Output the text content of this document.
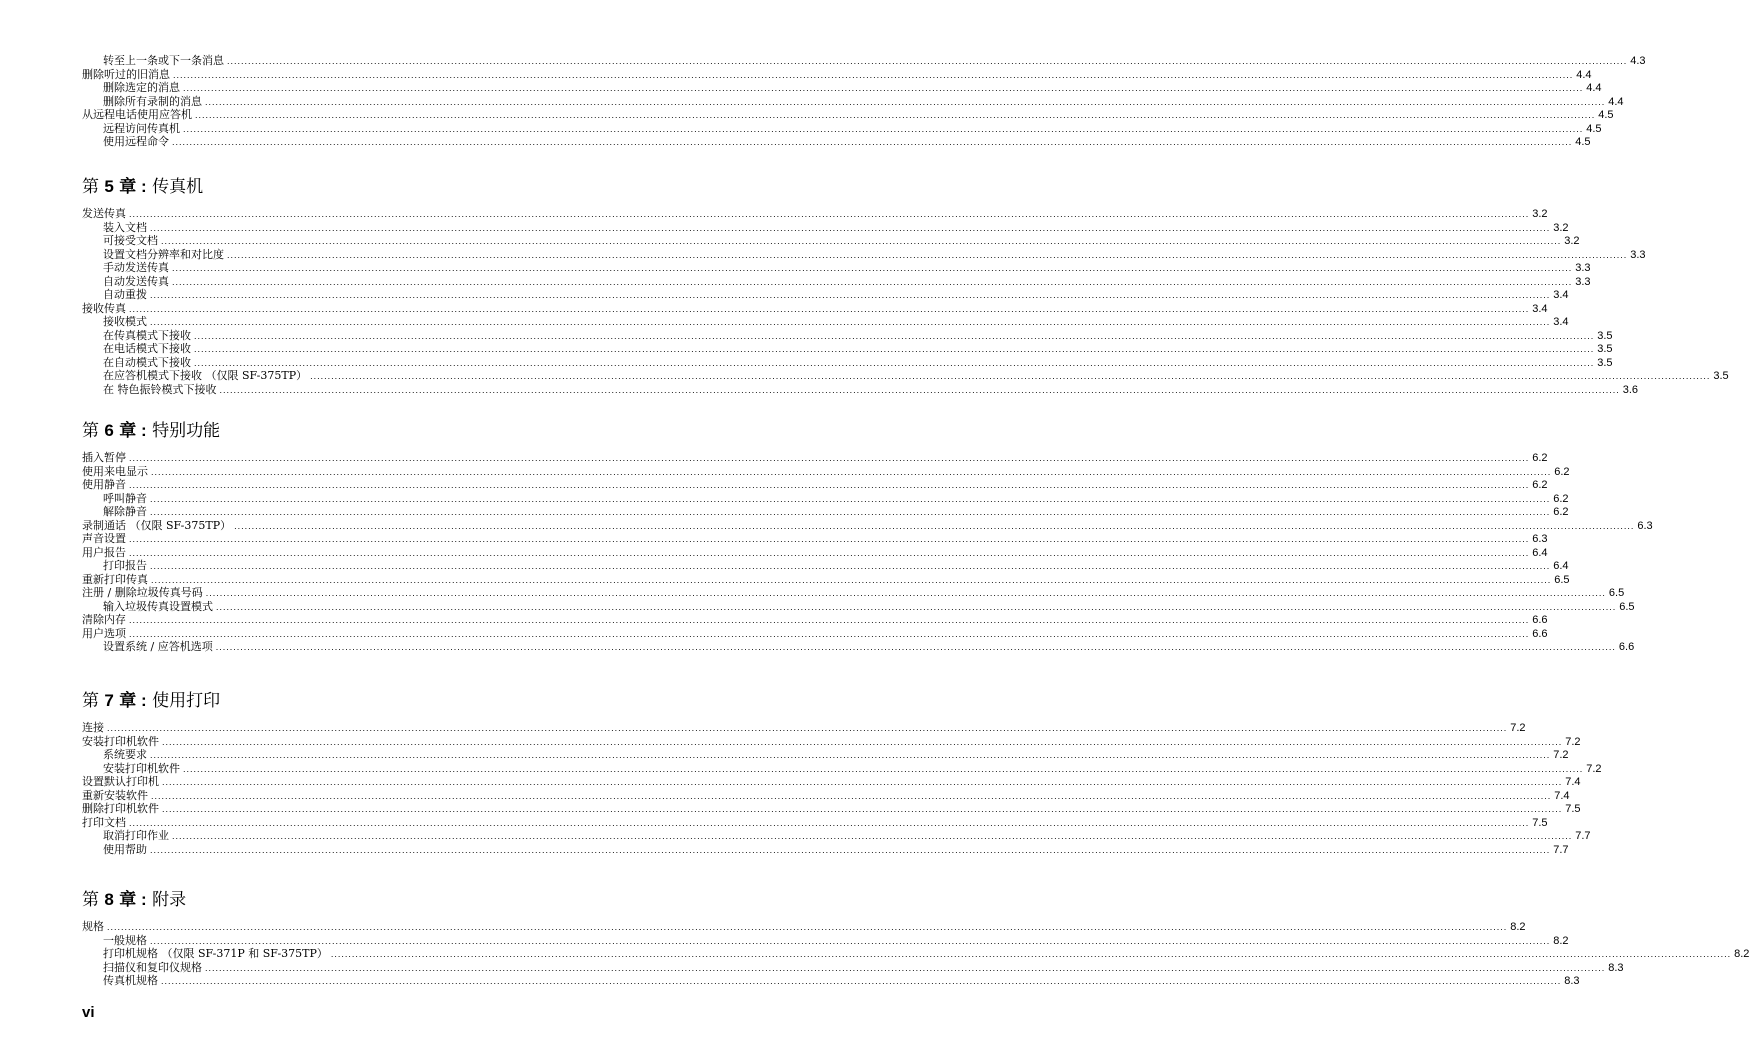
转至上一条或下一条消息 ................................................................................................................................................................................................................................................................................................................................................................................................................ 4.3
删除听过的旧消息 ................................................................................................................................................................................................................................................................................................................................................................................................................ 4.4
删除选定的消息 ................................................................................................................................................................................................................................................................................................................................................................................................................ 4.4
删除所有录制的消息 ................................................................................................................................................................................................................................................................................................................................................................................................................ 4.4
从远程电话使用应答机 ................................................................................................................................................................................................................................................................................................................................................................................................................ 4.5
远程访问传真机 ................................................................................................................................................................................................................................................................................................................................................................................................................ 4.5
使用远程命令 ................................................................................................................................................................................................................................................................................................................................................................................................................ 4.5
第 5 章 : 传真机
发送传真 ................................................................................................................................................................................................................................................................................................................................................................................................................ 3.2
装入文档 ................................................................................................................................................................................................................................................................................................................................................................................................................ 3.2
可接受文档 ................................................................................................................................................................................................................................................................................................................................................................................................................ 3.2
设置文档分辨率和对比度 ................................................................................................................................................................................................................................................................................................................................................................................................................ 3.3
手动发送传真 ................................................................................................................................................................................................................................................................................................................................................................................................................ 3.3
自动发送传真 ................................................................................................................................................................................................................................................................................................................................................................................................................ 3.3
自动重拨 ................................................................................................................................................................................................................................................................................................................................................................................................................ 3.4
接收传真 ................................................................................................................................................................................................................................................................................................................................................................................................................ 3.4
接收模式 ................................................................................................................................................................................................................................................................................................................................................................................................................ 3.4
在传真模式下接收 ................................................................................................................................................................................................................................................................................................................................................................................................................ 3.5
在电话模式下接收 ................................................................................................................................................................................................................................................................................................................................................................................................................ 3.5
在自动模式下接收 ................................................................................................................................................................................................................................................................................................................................................................................................................ 3.5
在应答机模式下接收 （仅限 SF-375TP） ................................................................................................................................................................................................................................................................................................................................................................................................................ 3.5
在 特色振铃模式下接收 ................................................................................................................................................................................................................................................................................................................................................................................................................ 3.6
第 6 章 : 特别功能
插入暂停 ................................................................................................................................................................................................................................................................................................................................................................................................................ 6.2
使用来电显示 ................................................................................................................................................................................................................................................................................................................................................................................................................ 6.2
使用静音 ................................................................................................................................................................................................................................................................................................................................................................................................................ 6.2
呼叫静音 ................................................................................................................................................................................................................................................................................................................................................................................................................ 6.2
解除静音 ................................................................................................................................................................................................................................................................................................................................................................................................................ 6.2
录制通话 （仅限 SF-375TP） ................................................................................................................................................................................................................................................................................................................................................................................................................ 6.3
声音设置 ................................................................................................................................................................................................................................................................................................................................................................................................................ 6.3
用户报告 ................................................................................................................................................................................................................................................................................................................................................................................................................ 6.4
打印报告 ................................................................................................................................................................................................................................................................................................................................................................................................................ 6.4
重新打印传真 ................................................................................................................................................................................................................................................................................................................................................................................................................ 6.5
注册 / 删除垃圾传真号码 ................................................................................................................................................................................................................................................................................................................................................................................................................ 6.5
输入垃圾传真设置模式 ................................................................................................................................................................................................................................................................................................................................................................................................................ 6.5
清除内存 ................................................................................................................................................................................................................................................................................................................................................................................................................ 6.6
用户选项 ................................................................................................................................................................................................................................................................................................................................................................................................................ 6.6
设置系统 / 应答机选项 ................................................................................................................................................................................................................................................................................................................................................................................................................ 6.6
第 7 章 : 使用打印
连接 ................................................................................................................................................................................................................................................................................................................................................................................................................ 7.2
安装打印机软件 ................................................................................................................................................................................................................................................................................................................................................................................................................ 7.2
系统要求 ................................................................................................................................................................................................................................................................................................................................................................................................................ 7.2
安装打印机软件 ................................................................................................................................................................................................................................................................................................................................................................................................................ 7.2
设置默认打印机 ................................................................................................................................................................................................................................................................................................................................................................................................................ 7.4
重新安装软件 ................................................................................................................................................................................................................................................................................................................................................................................................................ 7.4
删除打印机软件 ................................................................................................................................................................................................................................................................................................................................................................................................................ 7.5
打印文档 ................................................................................................................................................................................................................................................................................................................................................................................................................ 7.5
取消打印作业 ................................................................................................................................................................................................................................................................................................................................................................................................................ 7.7
使用帮助 ................................................................................................................................................................................................................................................................................................................................................................................................................ 7.7
第 8 章 : 附录
规格 ................................................................................................................................................................................................................................................................................................................................................................................................................ 8.2
一般规格 ................................................................................................................................................................................................................................................................................................................................................................................................................ 8.2
打印机规格 （仅限 SF-371P 和 SF-375TP） ................................................................................................................................................................................................................................................................................................................................................................................................................ 8.2
扫描仪和复印仪规格 ................................................................................................................................................................................................................................................................................................................................................................................................................ 8.3
传真机规格 ................................................................................................................................................................................................................................................................................................................................................................................................................ 8.3
vi
